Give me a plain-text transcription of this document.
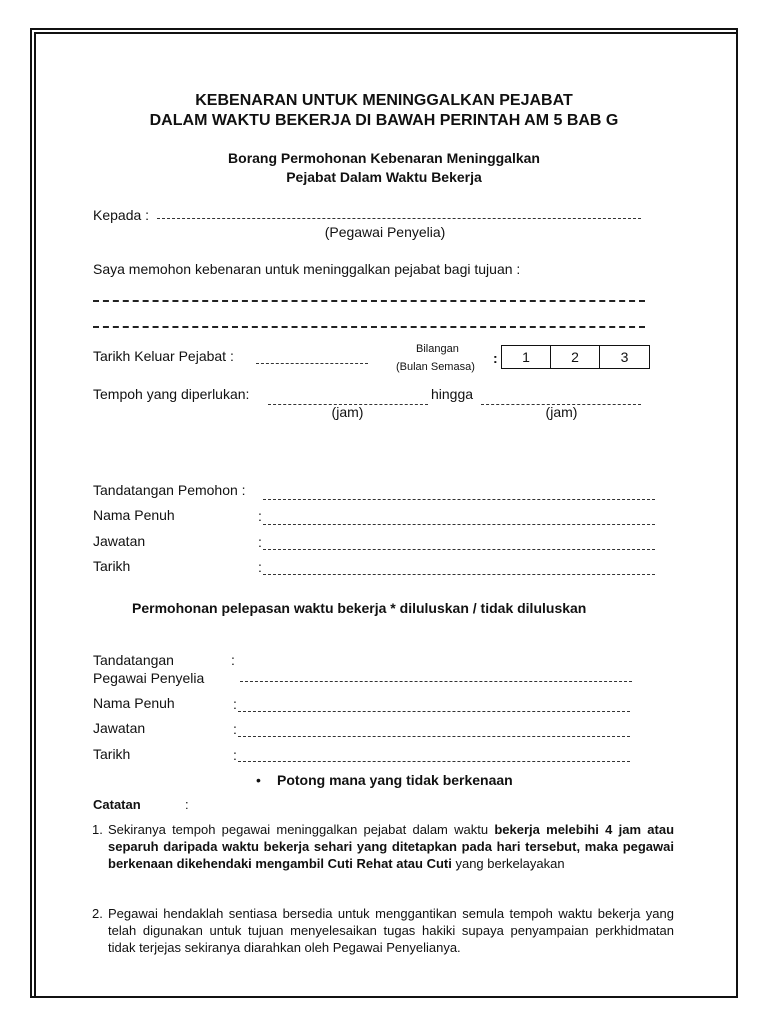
KEBENARAN UNTUK MENINGGALKAN PEJABAT
DALAM WAKTU BEKERJA DI BAWAH PERINTAH AM 5 BAB G
Borang Permohonan Kebenaran Meninggalkan
Pejabat Dalam Waktu Bekerja
Kepada :
(Pegawai Penyelia)
Saya memohon kebenaran untuk meninggalkan pejabat bagi tujuan :
Tarikh Keluar Pejabat :	Bilangan
(Bulan Semasa)
:	1	2	3
Tempoh yang diperlukan:	hingga
(jam)	(jam)
Tandatangan Pemohon :
Nama Penuh	:
Jawatan	:
Tarikh	:
Permohonan pelepasan waktu bekerja * diluluskan / tidak diluluskan
Tandatangan	:
Pegawai Penyelia
Nama Penuh	:
Jawatan	:
Tarikh	:
• Potong mana yang tidak berkenaan
Catatan	:
1. Sekiranya tempoh pegawai meninggalkan pejabat dalam waktu bekerja melebihi 4 jam atau separuh daripada waktu bekerja sehari yang ditetapkan pada hari tersebut, maka pegawai berkenaan dikehendaki mengambil Cuti Rehat atau Cuti yang berkelayakan
2. Pegawai hendaklah sentiasa bersedia untuk menggantikan semula tempoh waktu bekerja yang telah digunakan untuk tujuan menyelesaikan tugas hakiki supaya penyampaian perkhidmatan tidak terjejas sekiranya diarahkan oleh Pegawai Penyelianya.
